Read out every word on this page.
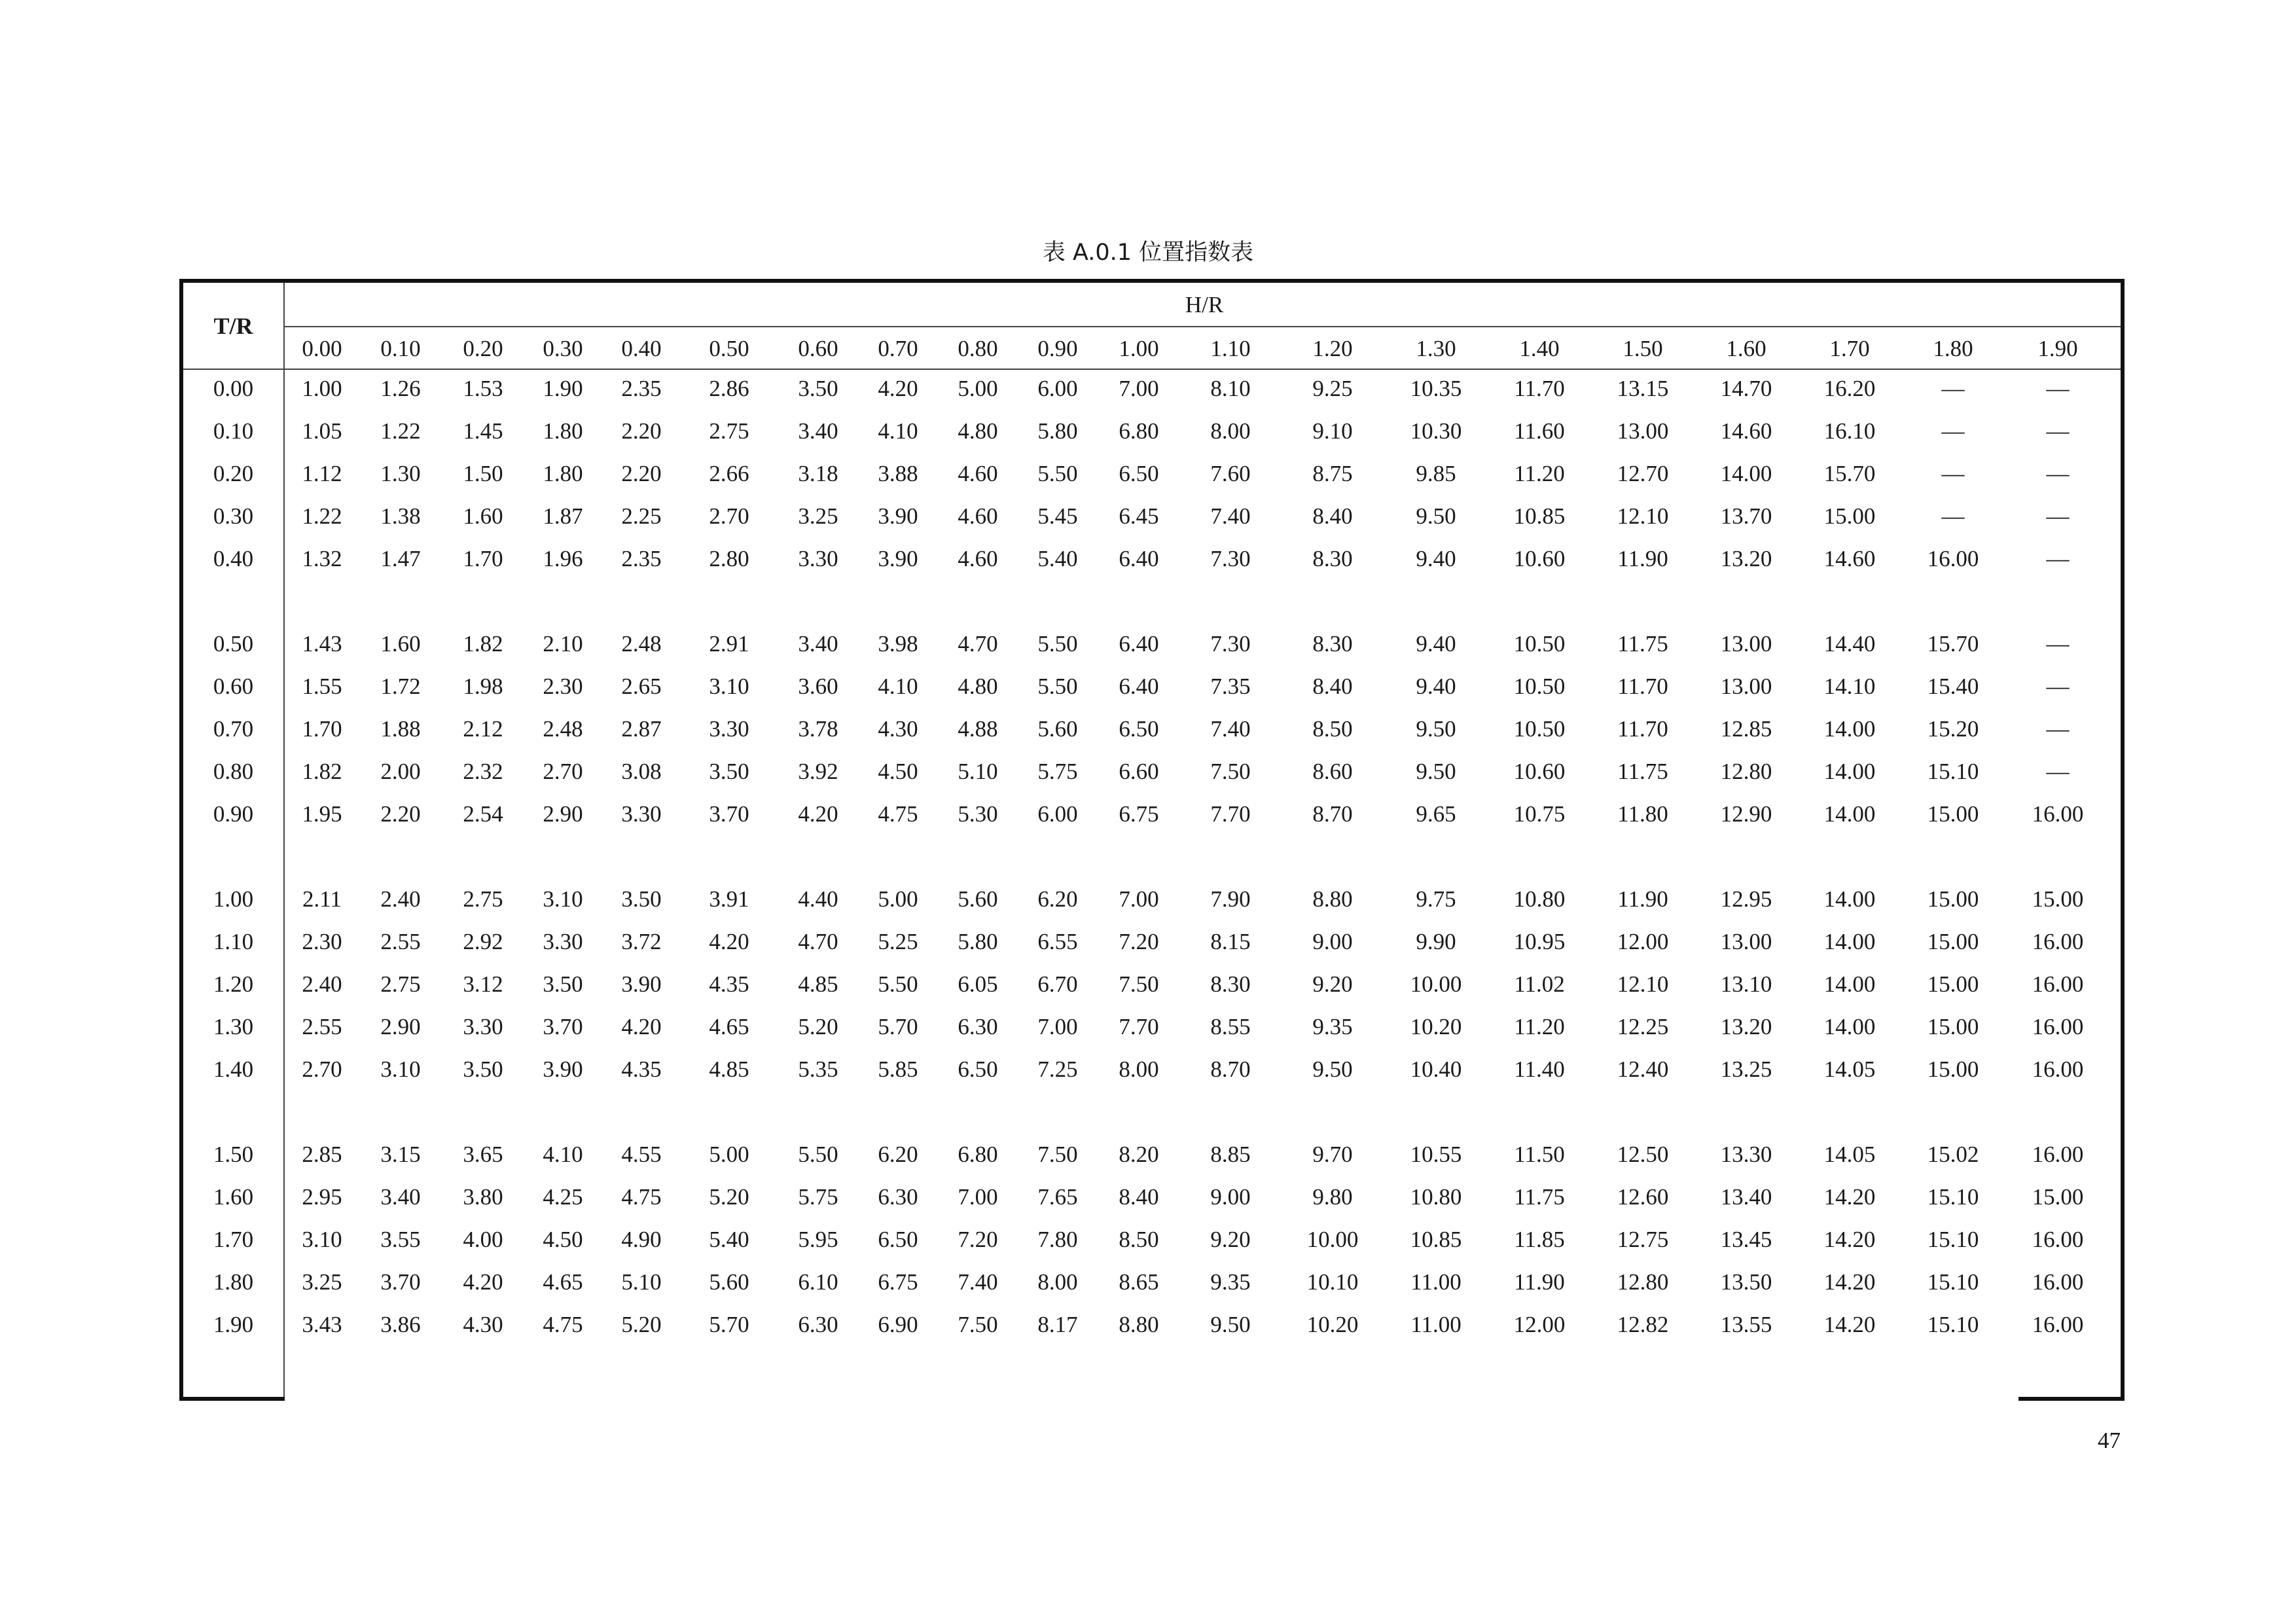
表 A.0.1 位置指数表
T/R
H/R
0.00	0.10	0.20	0.30	0.40	0.50	0.60	0.70	0.80	0.90	1.00	1.10	1.20	1.30	1.40	1.50	1.60	1.70	1.80	1.90
0.00	1.00	1.26	1.53	1.90	2.35	2.86	3.50	4.20	5.00	6.00	7.00	8.10	9.25	10.35	11.70	13.15	14.70	16.20	—	—
0.10	1.05	1.22	1.45	1.80	2.20	2.75	3.40	4.10	4.80	5.80	6.80	8.00	9.10	10.30	11.60	13.00	14.60	16.10	—	—
0.20	1.12	1.30	1.50	1.80	2.20	2.66	3.18	3.88	4.60	5.50	6.50	7.60	8.75	9.85	11.20	12.70	14.00	15.70	—	—
0.30	1.22	1.38	1.60	1.87	2.25	2.70	3.25	3.90	4.60	5.45	6.45	7.40	8.40	9.50	10.85	12.10	13.70	15.00	—	—
0.40	1.32	1.47	1.70	1.96	2.35	2.80	3.30	3.90	4.60	5.40	6.40	7.30	8.30	9.40	10.60	11.90	13.20	14.60	16.00	—
0.50	1.43	1.60	1.82	2.10	2.48	2.91	3.40	3.98	4.70	5.50	6.40	7.30	8.30	9.40	10.50	11.75	13.00	14.40	15.70	—
0.60	1.55	1.72	1.98	2.30	2.65	3.10	3.60	4.10	4.80	5.50	6.40	7.35	8.40	9.40	10.50	11.70	13.00	14.10	15.40	—
0.70	1.70	1.88	2.12	2.48	2.87	3.30	3.78	4.30	4.88	5.60	6.50	7.40	8.50	9.50	10.50	11.70	12.85	14.00	15.20	—
0.80	1.82	2.00	2.32	2.70	3.08	3.50	3.92	4.50	5.10	5.75	6.60	7.50	8.60	9.50	10.60	11.75	12.80	14.00	15.10	—
0.90	1.95	2.20	2.54	2.90	3.30	3.70	4.20	4.75	5.30	6.00	6.75	7.70	8.70	9.65	10.75	11.80	12.90	14.00	15.00	16.00
1.00	2.11	2.40	2.75	3.10	3.50	3.91	4.40	5.00	5.60	6.20	7.00	7.90	8.80	9.75	10.80	11.90	12.95	14.00	15.00	15.00
1.10	2.30	2.55	2.92	3.30	3.72	4.20	4.70	5.25	5.80	6.55	7.20	8.15	9.00	9.90	10.95	12.00	13.00	14.00	15.00	16.00
1.20	2.40	2.75	3.12	3.50	3.90	4.35	4.85	5.50	6.05	6.70	7.50	8.30	9.20	10.00	11.02	12.10	13.10	14.00	15.00	16.00
1.30	2.55	2.90	3.30	3.70	4.20	4.65	5.20	5.70	6.30	7.00	7.70	8.55	9.35	10.20	11.20	12.25	13.20	14.00	15.00	16.00
1.40	2.70	3.10	3.50	3.90	4.35	4.85	5.35	5.85	6.50	7.25	8.00	8.70	9.50	10.40	11.40	12.40	13.25	14.05	15.00	16.00
1.50	2.85	3.15	3.65	4.10	4.55	5.00	5.50	6.20	6.80	7.50	8.20	8.85	9.70	10.55	11.50	12.50	13.30	14.05	15.02	16.00
1.60	2.95	3.40	3.80	4.25	4.75	5.20	5.75	6.30	7.00	7.65	8.40	9.00	9.80	10.80	11.75	12.60	13.40	14.20	15.10	15.00
1.70	3.10	3.55	4.00	4.50	4.90	5.40	5.95	6.50	7.20	7.80	8.50	9.20	10.00	10.85	11.85	12.75	13.45	14.20	15.10	16.00
1.80	3.25	3.70	4.20	4.65	5.10	5.60	6.10	6.75	7.40	8.00	8.65	9.35	10.10	11.00	11.90	12.80	13.50	14.20	15.10	16.00
1.90	3.43	3.86	4.30	4.75	5.20	5.70	6.30	6.90	7.50	8.17	8.80	9.50	10.20	11.00	12.00	12.82	13.55	14.20	15.10	16.00
47
